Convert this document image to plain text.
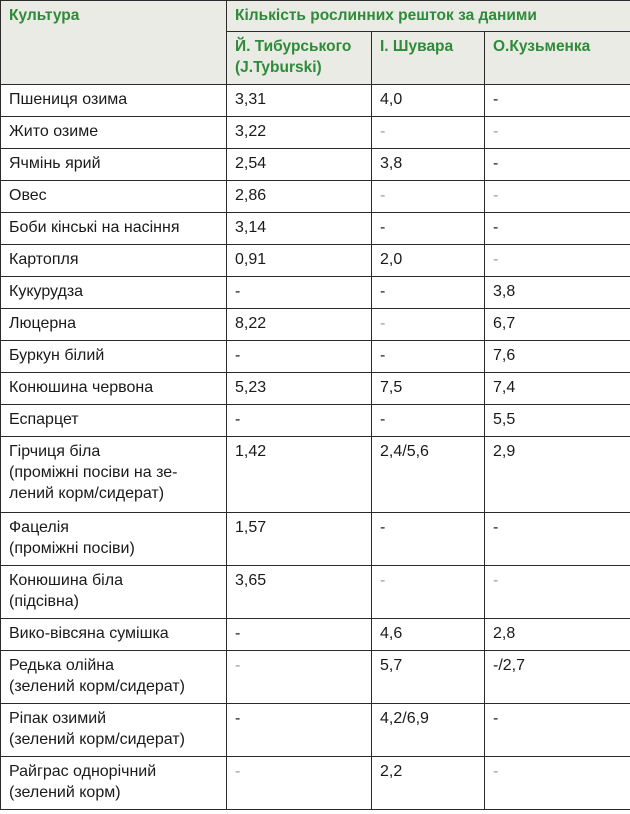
Культура	Кількість рослинних решток за даними		
	Й. Тибурського
(J.Tyburski)	І. Шувара	О.Кузьменка
Пшениця озима	3,31	4,0	-
Жито озиме	3,22	-	-
Ячмінь ярий	2,54	3,8	-
Овес	2,86	-	-
Боби кінські на насіння	3,14	-	-
Картопля	0,91	2,0	-
Кукурудза	-	-	3,8
Люцерна	8,22	-	6,7
Буркун білий	-	-	7,6
Конюшина червона	5,23	7,5	7,4
Еспарцет	-	-	5,5
Гірчиця біла
(проміжні посіви на зе-
лений корм/сидерат)	1,42	2,4/5,6	2,9
Фацелія
(проміжні посіви)	1,57	-	-
Конюшина біла
(підсівна)	3,65	-	-
Вико-вівсяна сумішка	-	4,6	2,8
Редька олійна
(зелений корм/сидерат)	-	5,7	-/2,7
Ріпак озимий
(зелений корм/сидерат)	-	4,2/6,9	-
Райграс однорічний
(зелений корм)	-	2,2	-
